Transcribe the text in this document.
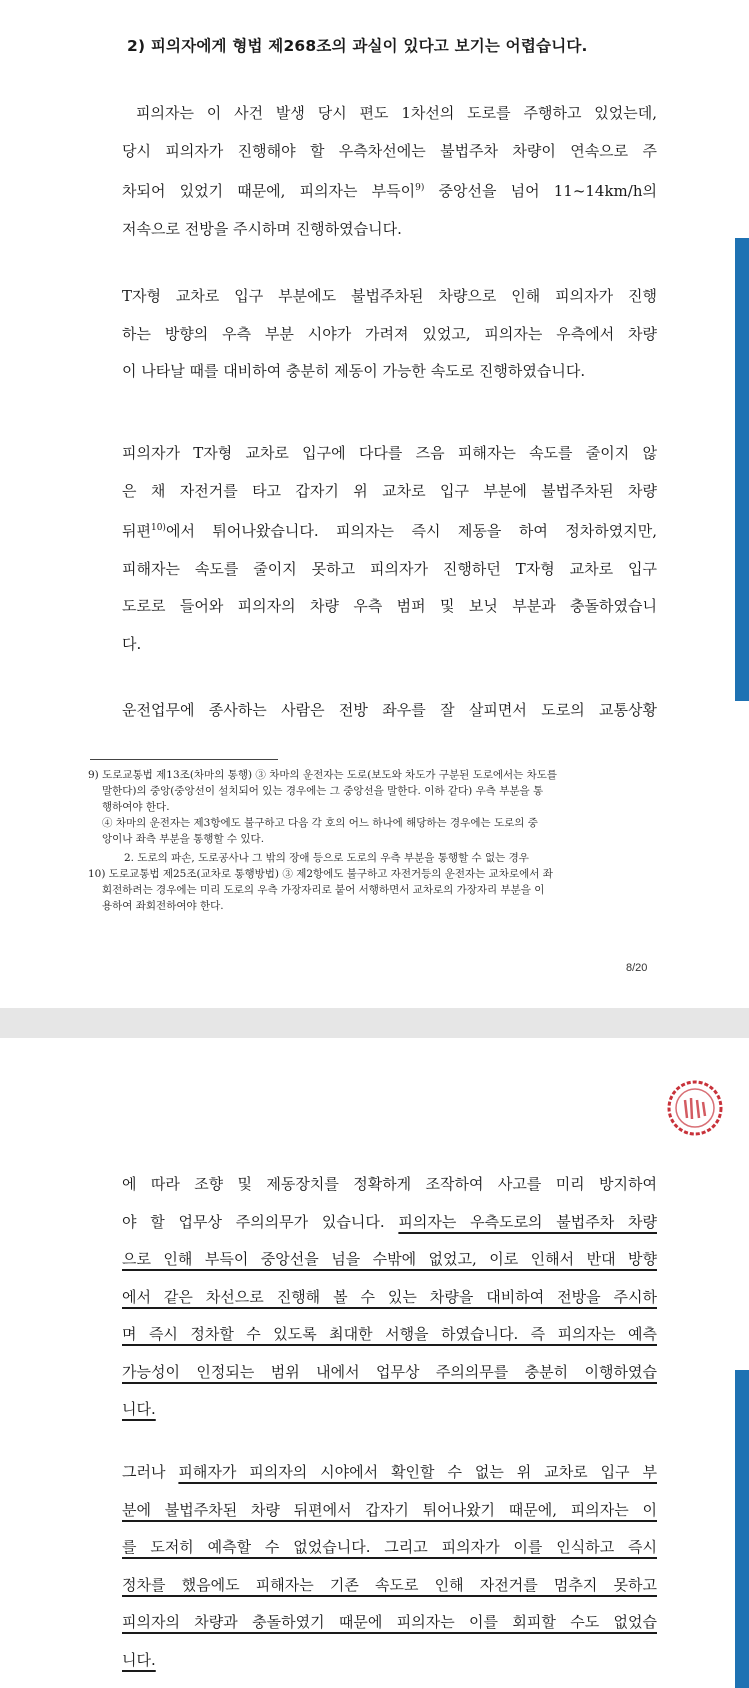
2) 피의자에게 형법 제268조의 과실이 있다고 보기는 어렵습니다.
피의자는 이 사건 발생 당시 편도 1차선의 도로를 주행하고 있었는데,
당시 피의자가 진행해야 할 우측차선에는 불법주차 차량이 연속으로 주
차되어 있었기 때문에, 피의자는 부득이$^{9)}$ 중앙선을 넘어 11~14km/h의
저속으로 전방을 주시하며 진행하였습니다.
T자형 교차로 입구 부분에도 불법주차된 차량으로 인해 피의자가 진행
하는 방향의 우측 부분 시야가 가려져 있었고, 피의자는 우측에서 차량
이 나타날 때를 대비하여 충분히 제동이 가능한 속도로 진행하였습니다.
피의자가 T자형 교차로 입구에 다다를 즈음 피해자는 속도를 줄이지 않
은 채 자전거를 타고 갑자기 위 교차로 입구 부분에 불법주차된 차량
뒤편$^{10)}$에서 튀어나왔습니다. 피의자는 즉시 제동을 하여 정차하였지만,
피해자는 속도를 줄이지 못하고 피의자가 진행하던 T자형 교차로 입구
도로로 들어와 피의자의 차량 우측 범퍼 및 보닛 부분과 충돌하였습니
다.
운전업무에 종사하는 사람은 전방 좌우를 잘 살피면서 도로의 교통상황
9) 도로교통법 제13조(차마의 통행) ③ 차마의 운전자는 도로(보도와 차도가 구분된 도로에서는 차도를
말한다)의 중앙(중앙선이 설치되어 있는 경우에는 그 중앙선을 말한다. 이하 같다) 우측 부분을 통
행하여야 한다.
④ 차마의 운전자는 제3항에도 불구하고 다음 각 호의 어느 하나에 해당하는 경우에는 도로의 중
앙이나 좌측 부분을 통행할 수 있다.
2. 도로의 파손, 도로공사나 그 밖의 장애 등으로 도로의 우측 부분을 통행할 수 없는 경우
10) 도로교통법 제25조(교차로 통행방법) ③ 제2항에도 불구하고 자전거등의 운전자는 교차로에서 좌
회전하려는 경우에는 미리 도로의 우측 가장자리로 붙어 서행하면서 교차로의 가장자리 부분을 이
용하여 좌회전하여야 한다.
8/20
에 따라 조향 및 제동장치를 정확하게 조작하여 사고를 미리 방지하여
야 할 업무상 주의의무가 있습니다. 피의자는 우측도로의 불법주차 차량
으로 인해 부득이 중앙선을 넘을 수밖에 없었고, 이로 인해서 반대 방향
에서 같은 차선으로 진행해 볼 수 있는 차량을 대비하여 전방을 주시하
며 즉시 정차할 수 있도록 최대한 서행을 하였습니다. 즉 피의자는 예측
가능성이 인정되는 범위 내에서 업무상 주의의무를 충분히 이행하였습
니다.
그러나 피해자가 피의자의 시야에서 확인할 수 없는 위 교차로 입구 부
분에 불법주차된 차량 뒤편에서 갑자기 튀어나왔기 때문에, 피의자는 이
를 도저히 예측할 수 없었습니다. 그리고 피의자가 이를 인식하고 즉시
정차를 했음에도 피해자는 기존 속도로 인해 자전거를 멈추지 못하고
피의자의 차량과 충돌하였기 때문에 피의자는 이를 회피할 수도 없었습
니다.
